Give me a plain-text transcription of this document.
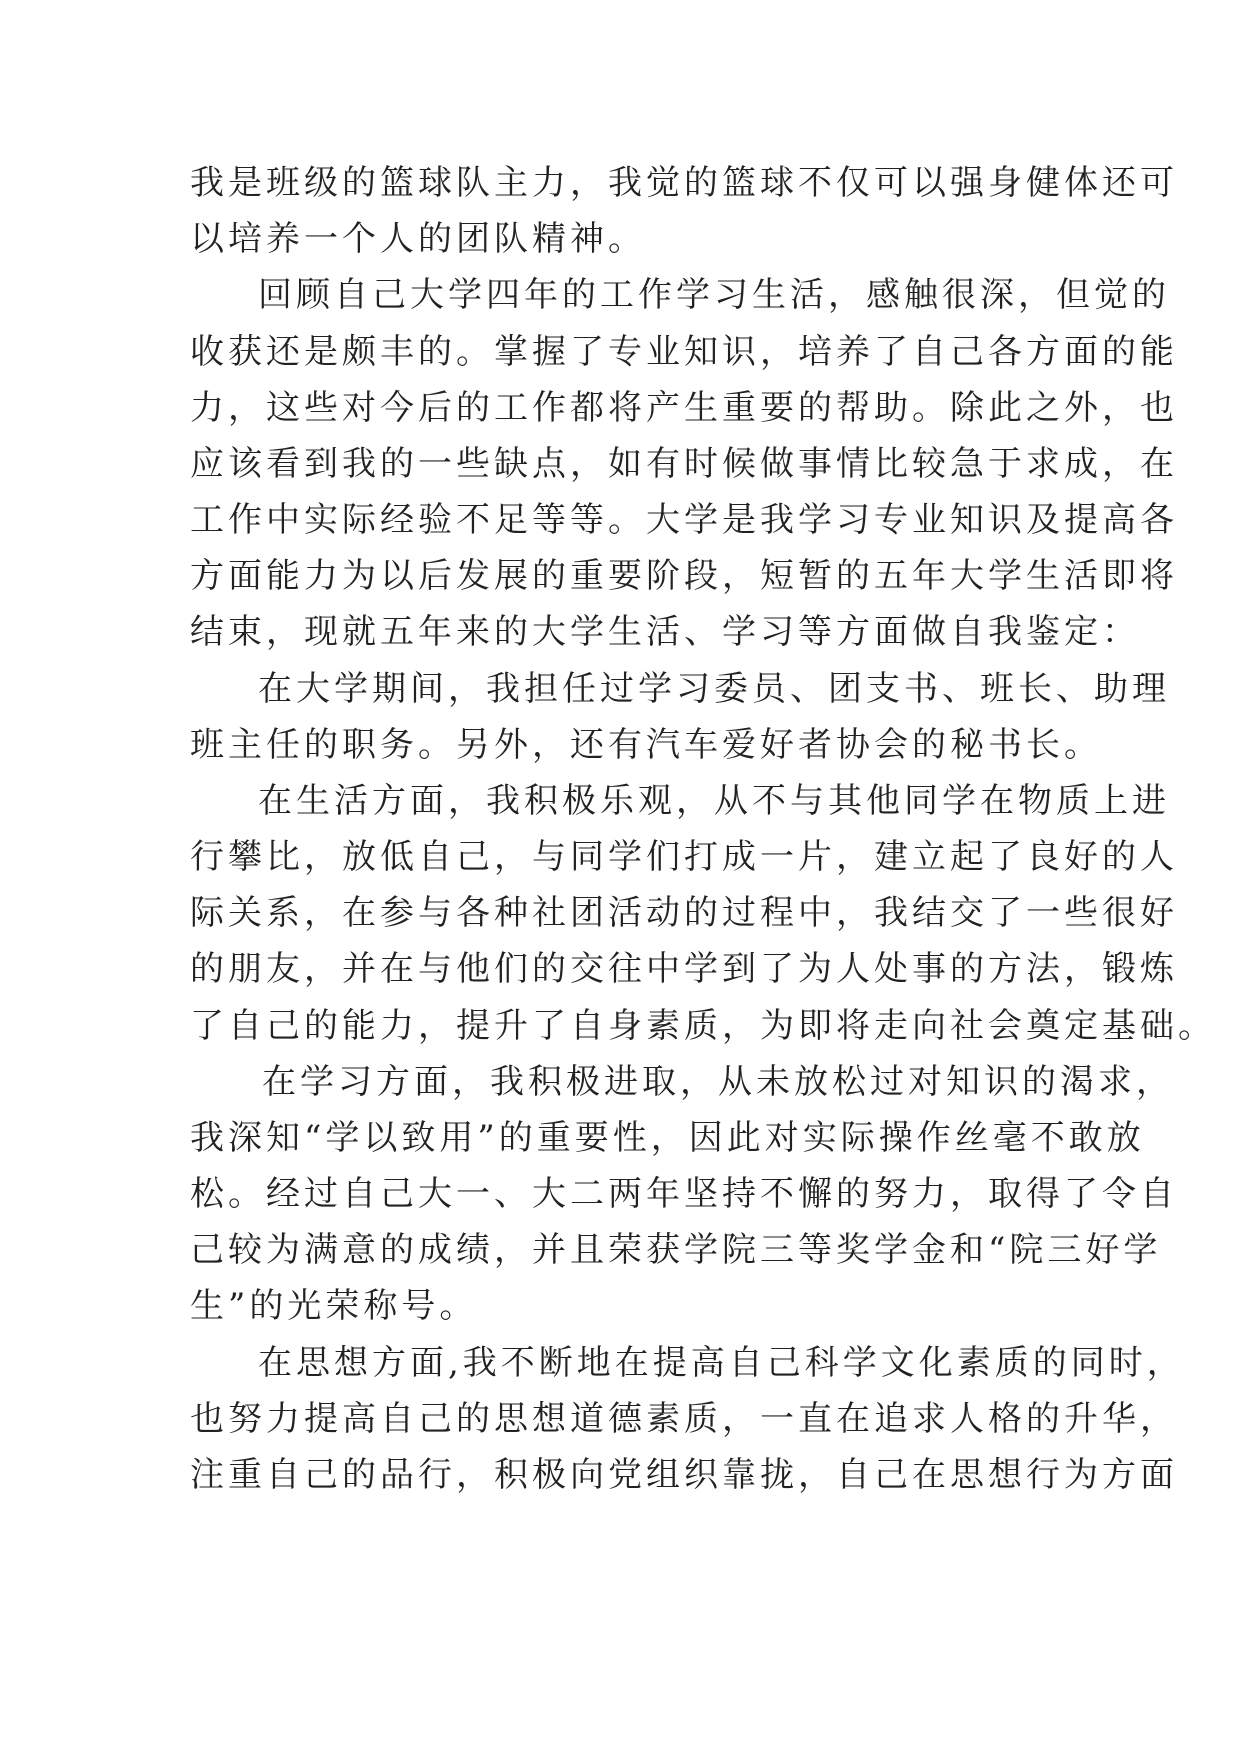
我是班级的篮球队主力，我觉的篮球不仅可以强身健体还可
以培养一个人的团队精神。
回顾自己大学四年的工作学习生活，感触很深，但觉的
收获还是颇丰的。掌握了专业知识，培养了自己各方面的能
力，这些对今后的工作都将产生重要的帮助。除此之外，也
应该看到我的一些缺点，如有时候做事情比较急于求成，在
工作中实际经验不足等等。大学是我学习专业知识及提高各
方面能力为以后发展的重要阶段，短暂的五年大学生活即将
结束，现就五年来的大学生活、学习等方面做自我鉴定：
在大学期间，我担任过学习委员、团支书、班长、助理
班主任的职务。另外，还有汽车爱好者协会的秘书长。
在生活方面，我积极乐观，从不与其他同学在物质上进
行攀比，放低自己，与同学们打成一片，建立起了良好的人
际关系，在参与各种社团活动的过程中，我结交了一些很好
的朋友，并在与他们的交往中学到了为人处事的方法，锻炼
了自己的能力，提升了自身素质，为即将走向社会奠定基础。
在学习方面，我积极进取，从未放松过对知识的渴求，
我深知“学以致用”的重要性，因此对实际操作丝毫不敢放
松。经过自己大一、大二两年坚持不懈的努力，取得了令自
己较为满意的成绩，并且荣获学院三等奖学金和“院三好学
生”的光荣称号。
在思想方面,我不断地在提高自己科学文化素质的同时，
也努力提高自己的思想道德素质，一直在追求人格的升华，
注重自己的品行，积极向党组织靠拢，自己在思想行为方面
